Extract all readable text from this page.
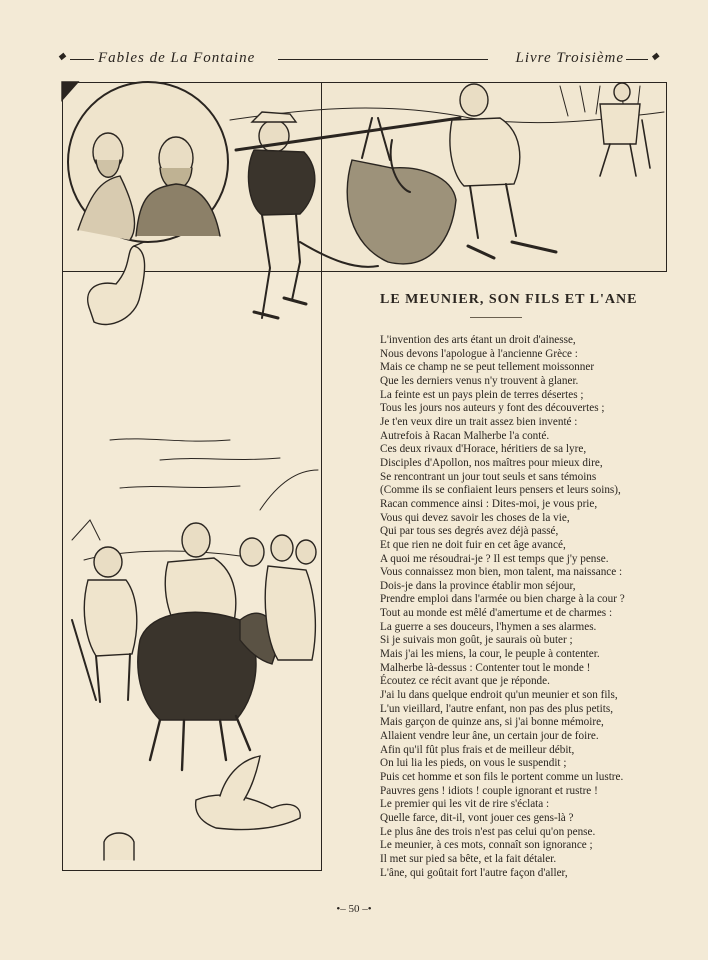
◆ Fables de La Fontaine	Livre Troisième	◆
LE MEUNIER, SON FILS ET L'ANE
L'invention des arts étant un droit d'ainesse,
Nous devons l'apologue à l'ancienne Grèce :
Mais ce champ ne se peut tellement moissonner
Que les derniers venus n'y trouvent à glaner.
La feinte est un pays plein de terres désertes ;
Tous les jours nos auteurs y font des découvertes ;
Je t'en veux dire un trait assez bien inventé :
Autrefois à Racan Malherbe l'a conté.
Ces deux rivaux d'Horace, héritiers de sa lyre,
Disciples d'Apollon, nos maîtres pour mieux dire,
Se rencontrant un jour tout seuls et sans témoins
(Comme ils se confiaient leurs pensers et leurs soins),
Racan commence ainsi : Dites-moi, je vous prie,
Vous qui devez savoir les choses de la vie,
Qui par tous ses degrés avez déjà passé,
Et que rien ne doit fuir en cet âge avancé,
A quoi me résoudrai-je ? Il est temps que j'y pense.
Vous connaissez mon bien, mon talent, ma naissance :
Dois-je dans la province établir mon séjour,
Prendre emploi dans l'armée ou bien charge à la cour ?
Tout au monde est mêlé d'amertume et de charmes :
La guerre a ses douceurs, l'hymen a ses alarmes.
Si je suivais mon goût, je saurais où buter ;
Mais j'ai les miens, la cour, le peuple à contenter.
Malherbe là-dessus : Contenter tout le monde !
Écoutez ce récit avant que je réponde.
J'ai lu dans quelque endroit qu'un meunier et son fils,
L'un vieillard, l'autre enfant, non pas des plus petits,
Mais garçon de quinze ans, si j'ai bonne mémoire,
Allaient vendre leur âne, un certain jour de foire.
Afin qu'il fût plus frais et de meilleur débit,
On lui lia les pieds, on vous le suspendit ;
Puis cet homme et son fils le portent comme un lustre.
Pauvres gens ! idiots ! couple ignorant et rustre !
Le premier qui les vit de rire s'éclata :
Quelle farce, dit-il, vont jouer ces gens-là ?
Le plus âne des trois n'est pas celui qu'on pense.
Le meunier, à ces mots, connaît son ignorance ;
Il met sur pied sa bête, et la fait détaler.
L'âne, qui goûtait fort l'autre façon d'aller,
•– 50 –•
